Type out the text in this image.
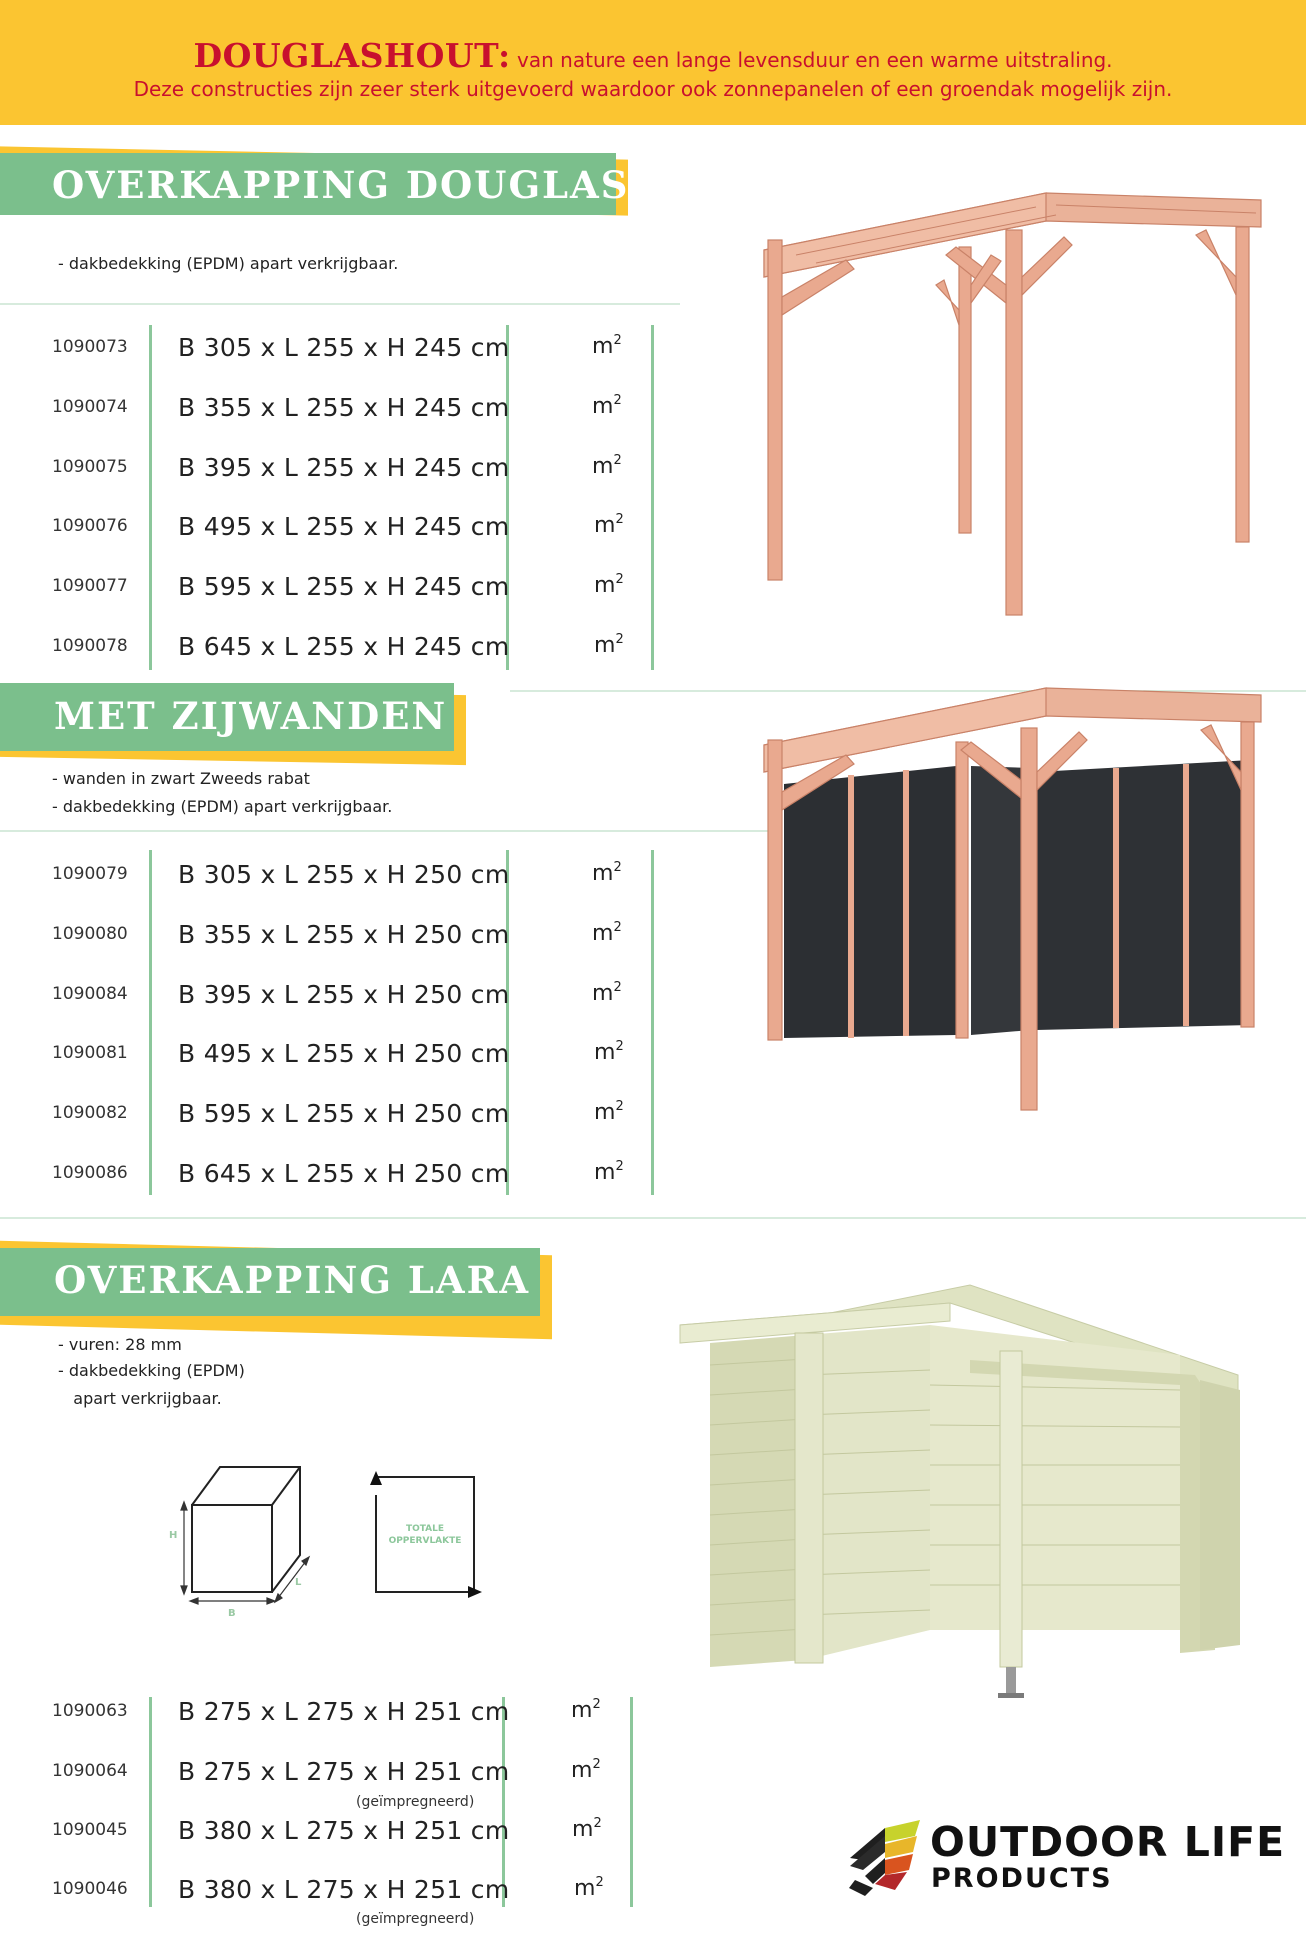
DOUGLASHOUT: van nature een lange levensduur en een warme uitstraling.
Deze constructies zijn zeer sterk uitgevoerd waardoor ook zonnepanelen of een groendak mogelijk zijn.
OVERKAPPING DOUGLAS
- dakbedekking (EPDM) apart verkrijgbaar.
1090073 B 305 x L 255 x H 245 cm	$m^2$
1090074 B 355 x L 255 x H 245 cm	$m^2$
1090075 B 395 x L 255 x H 245 cm	$m^2$
1090076 B 495 x L 255 x H 245 cm	$m^2$
1090077 B 595 x L 255 x H 245 cm	$m^2$
1090078 B 645 x L 255 x H 245 cm	$m^2$
MET ZIJWANDEN
- wanden in zwart Zweeds rabat
- dakbedekking (EPDM) apart verkrijgbaar.
1090079 B 305 x L 255 x H 250 cm	$m^2$
1090080 B 355 x L 255 x H 250 cm	$m^2$
1090084 B 395 x L 255 x H 250 cm	$m^2$
1090081 B 495 x L 255 x H 250 cm	$m^2$
1090082 B 595 x L 255 x H 250 cm	$m^2$
1090086 B 645 x L 255 x H 250 cm	$m^2$
OVERKAPPING LARA
- vuren: 28 mm
- dakbedekking (EPDM)
apart verkrijgbaar.
H
L
B
TOTALE
OPPERVLAKTE
1090063 B 275 x L 275 x H 251 cm	$m^2$
1090064 B 275 x L 275 x H 251 cm	$m^2$
(geïmpregneerd)
1090045 B 380 x L 275 x H 251 cm	$m^2$
1090046 B 380 x L 275 x H 251 cm	$m^2$
(geïmpregneerd)
OUTDOOR LIFE
PRODUCTS
